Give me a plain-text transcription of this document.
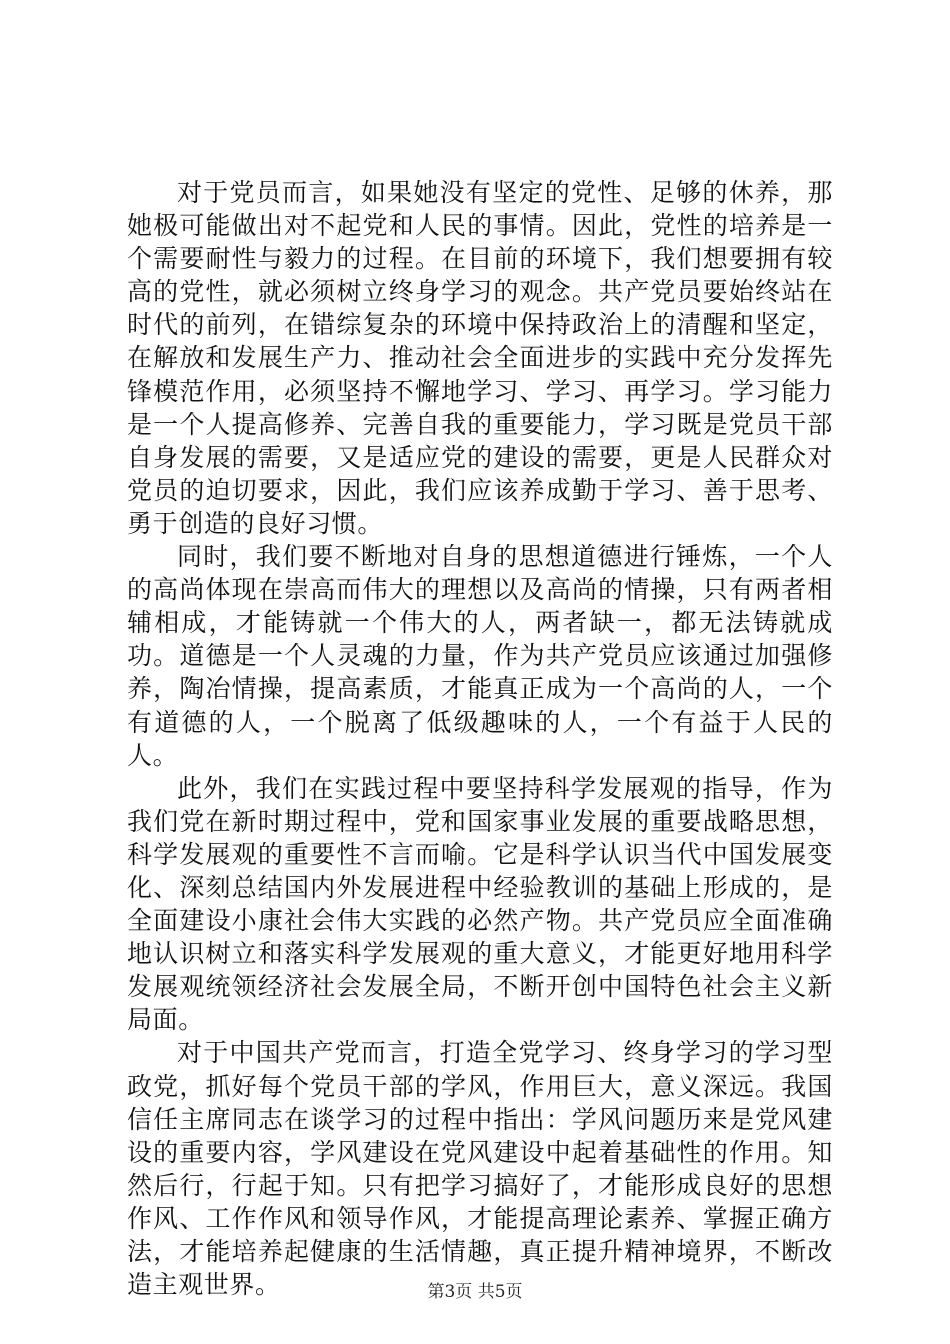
对于党员而言，如果她没有坚定的党性、足够的休养，那她极可能做出对不起党和人民的事情。因此，党性的培养是一个需要耐性与毅力的过程。在目前的环境下，我们想要拥有较高的党性，就必须树立终身学习的观念。共产党员要始终站在时代的前列，在错综复杂的环境中保持政治上的清醒和坚定，在解放和发展生产力、推动社会全面进步的实践中充分发挥先锋模范作用，必须坚持不懈地学习、学习、再学习。学习能力是一个人提高修养、完善自我的重要能力，学习既是党员干部自身发展的需要，又是适应党的建设的需要，更是人民群众对党员的迫切要求，因此，我们应该养成勤于学习、善于思考、勇于创造的良好习惯。

同时，我们要不断地对自身的思想道德进行锤炼，一个人的高尚体现在崇高而伟大的理想以及高尚的情操，只有两者相辅相成，才能铸就一个伟大的人，两者缺一，都无法铸就成功。道德是一个人灵魂的力量，作为共产党员应该通过加强修养，陶冶情操，提高素质，才能真正成为一个高尚的人，一个有道德的人，一个脱离了低级趣味的人，一个有益于人民的人。

此外，我们在实践过程中要坚持科学发展观的指导，作为我们党在新时期过程中，党和国家事业发展的重要战略思想，科学发展观的重要性不言而喻。它是科学认识当代中国发展变化、深刻总结国内外发展进程中经验教训的基础上形成的，是全面建设小康社会伟大实践的必然产物。共产党员应全面准确地认识树立和落实科学发展观的重大意义，才能更好地用科学发展观统领经济社会发展全局，不断开创中国特色社会主义新局面。

对于中国共产党而言，打造全党学习、终身学习的学习型政党，抓好每个党员干部的学风，作用巨大，意义深远。我国信任主席同志在谈学习的过程中指出：学风问题历来是党风建设的重要内容，学风建设在党风建设中起着基础性的作用。知然后行，行起于知。只有把学习搞好了，才能形成良好的思想作风、工作作风和领导作风，才能提高理论素养、掌握正确方法，才能培养起健康的生活情趣，真正提升精神境界，不断改造主观世界。	第3页 共5页
